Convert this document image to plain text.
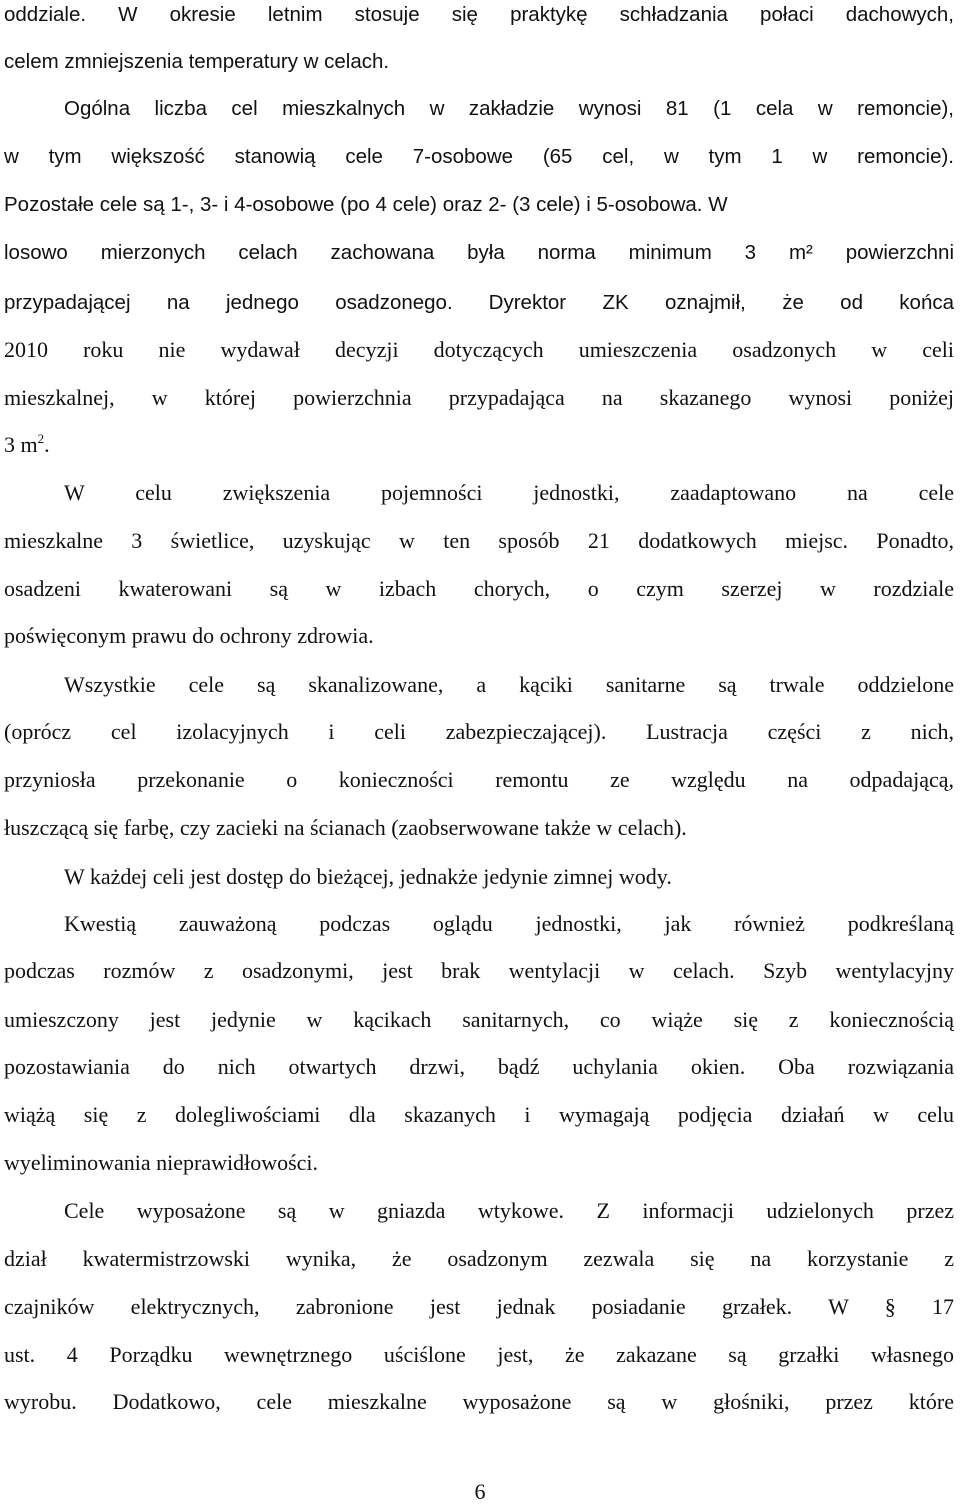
oddziale. W okresie letnim stosuje się praktykę schładzania połaci dachowych,
celem zmniejszenia temperatury w celach.
Ogólna liczba cel mieszkalnych w zakładzie wynosi 81 (1 cela w remoncie),
w tym większość stanowią cele 7-osobowe (65 cel, w tym 1 w remoncie).
Pozostałe cele są 1-, 3- i 4-osobowe (po 4 cele) oraz 2- (3 cele) i 5-osobowa. W
losowo mierzonych celach zachowana była norma minimum 3 m² powierzchni
przypadającej na jednego osadzonego. Dyrektor ZK oznajmił, że od końca
2010 roku nie wydawał decyzji dotyczących umieszczenia osadzonych w celi
mieszkalnej, w której powierzchnia przypadająca na skazanego wynosi poniżej
3 $m^2$.
W celu zwiększenia pojemności jednostki, zaadaptowano na cele
mieszkalne 3 świetlice, uzyskując w ten sposób 21 dodatkowych miejsc. Ponadto,
osadzeni kwaterowani są w izbach chorych, o czym szerzej w rozdziale
poświęconym prawu do ochrony zdrowia.
Wszystkie cele są skanalizowane, a kąciki sanitarne są trwale oddzielone
(oprócz cel izolacyjnych i celi zabezpieczającej). Lustracja części z nich,
przyniosła przekonanie o konieczności remontu ze względu na odpadającą,
łuszczącą się farbę, czy zacieki na ścianach (zaobserwowane także w celach).
W każdej celi jest dostęp do bieżącej, jednakże jedynie zimnej wody.
Kwestią zauważoną podczas oglądu jednostki, jak również podkreślaną
podczas rozmów z osadzonymi, jest brak wentylacji w celach. Szyb wentylacyjny
umieszczony jest jedynie w kącikach sanitarnych, co wiąże się z koniecznością
pozostawiania do nich otwartych drzwi, bądź uchylania okien. Oba rozwiązania
wiążą się z dolegliwościami dla skazanych i wymagają podjęcia działań w celu
wyeliminowania nieprawidłowości.
Cele wyposażone są w gniazda wtykowe. Z informacji udzielonych przez
dział kwatermistrzowski wynika, że osadzonym zezwala się na korzystanie z
czajników elektrycznych, zabronione jest jednak posiadanie grzałek. W § 17
ust. 4 Porządku wewnętrznego uściślone jest, że zakazane są grzałki własnego
wyrobu. Dodatkowo, cele mieszkalne wyposażone są w głośniki, przez które
6
